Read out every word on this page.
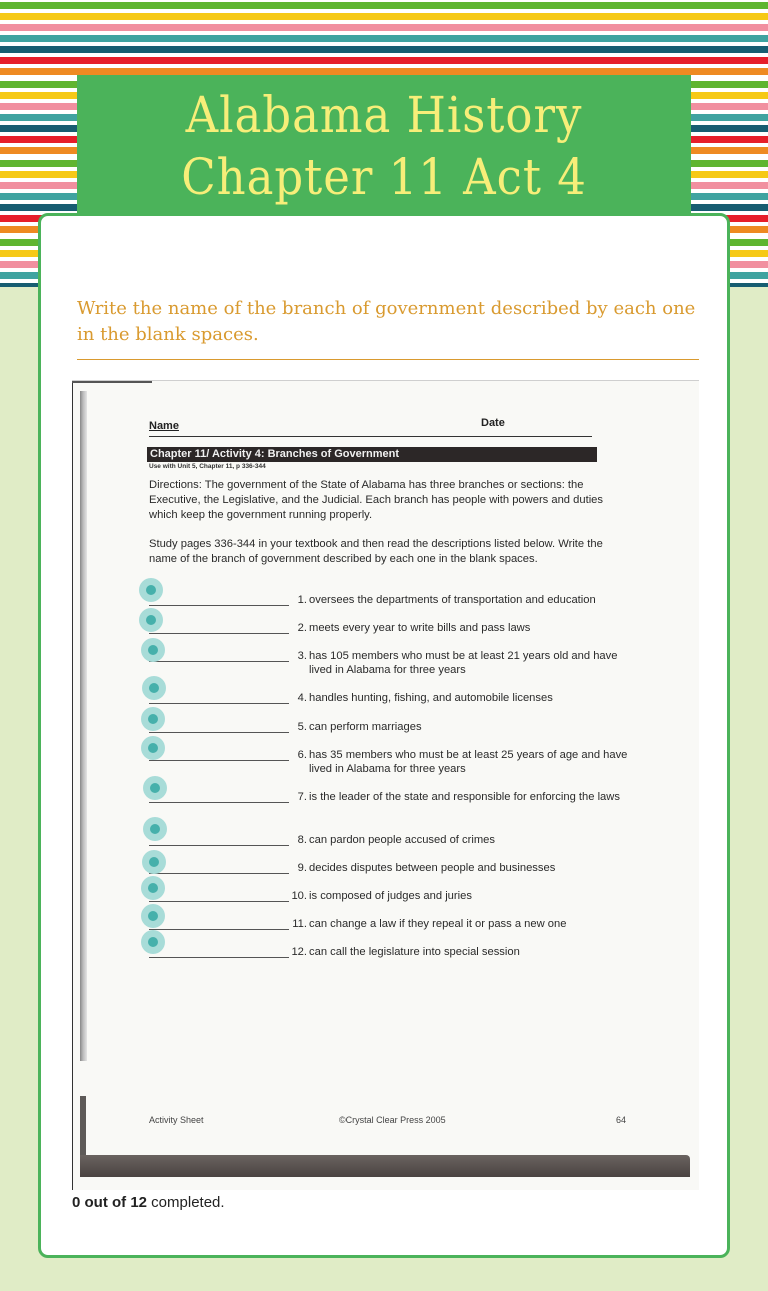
Alabama History
Chapter 11 Act 4
Write the name of the branch of government described by each one in the blank spaces.
Name	Date
Chapter 11/ Activity 4: Branches of Government
Use with Unit 5, Chapter 11, p 336-344
Directions: The government of the State of Alabama has three branches or sections: the Executive, the Legislative, and the Judicial. Each branch has people with powers and duties which keep the government running properly.
Study pages 336-344 in your textbook and then read the descriptions listed below. Write the name of the branch of government described by each one in the blank spaces.
1. oversees the departments of transportation and education
2. meets every year to write bills and pass laws
3. has 105 members who must be at least 21 years old and have lived in Alabama for three years
4. handles hunting, fishing, and automobile licenses
5. can perform marriages
6. has 35 members who must be at least 25 years of age and have lived in Alabama for three years
7. is the leader of the state and responsible for enforcing the laws
8. can pardon people accused of crimes
9. decides disputes between people and businesses
10. is composed of judges and juries
11. can change a law if they repeal it or pass a new one
12. can call the legislature into special session
Activity Sheet	©Crystal Clear Press 2005	64
0 out of 12 completed.
